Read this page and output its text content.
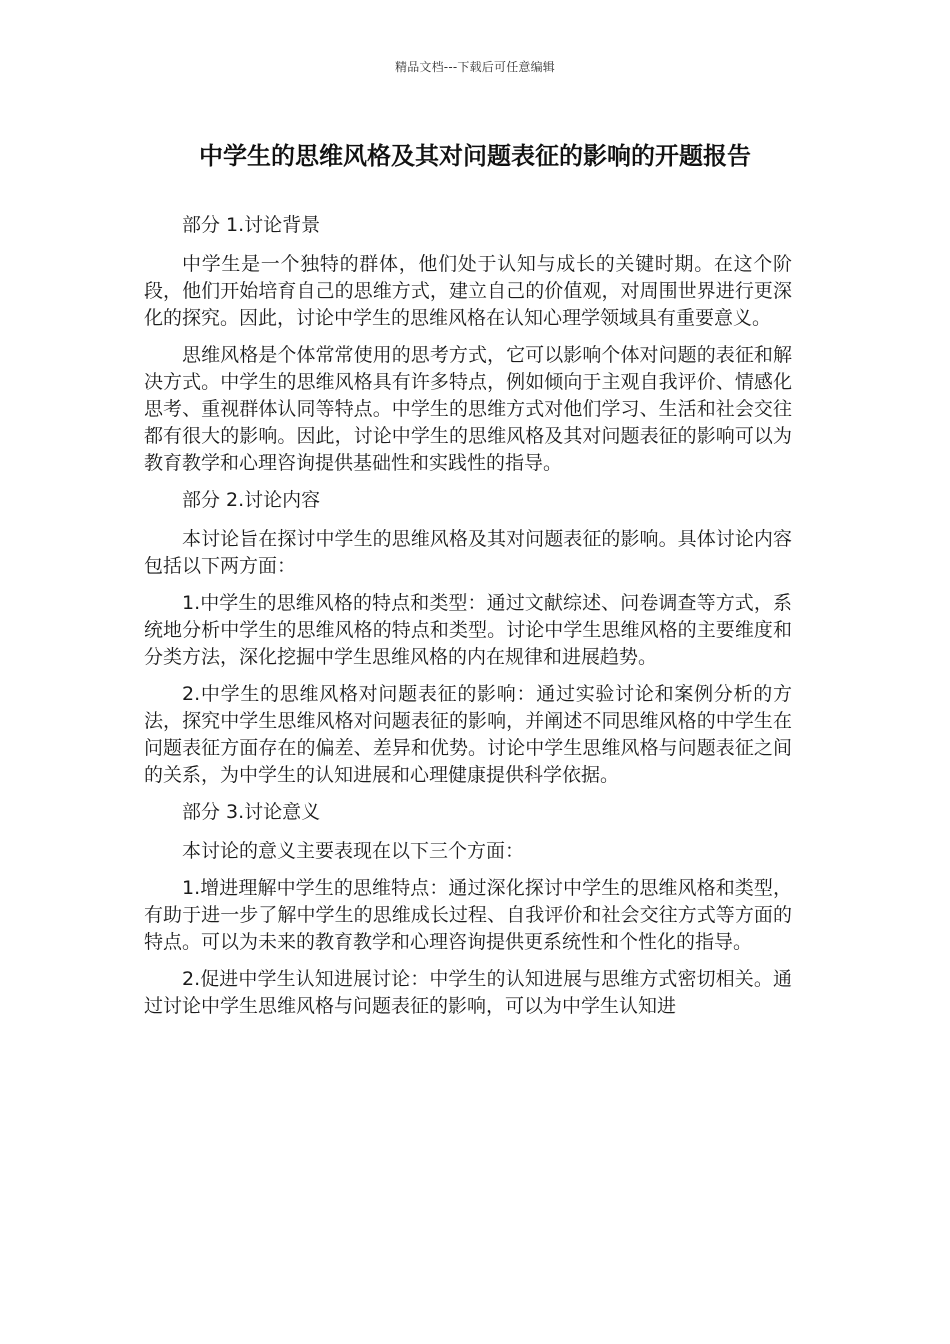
精品文档---下载后可任意编辑
中学生的思维风格及其对问题表征的影响的开题报告

部分 1.讨论背景

中学生是一个独特的群体，他们处于认知与成长的关键时期。在这个阶段，他们开始培育自己的思维方式，建立自己的价值观，对周围世界进行更深化的探究。因此，讨论中学生的思维风格在认知心理学领域具有重要意义。

思维风格是个体常常使用的思考方式，它可以影响个体对问题的表征和解决方式。中学生的思维风格具有许多特点，例如倾向于主观自我评价、情感化思考、重视群体认同等特点。中学生的思维方式对他们学习、生活和社会交往都有很大的影响。因此，讨论中学生的思维风格及其对问题表征的影响可以为教育教学和心理咨询提供基础性和实践性的指导。

部分 2.讨论内容

本讨论旨在探讨中学生的思维风格及其对问题表征的影响。具体讨论内容包括以下两方面：

1.中学生的思维风格的特点和类型：通过文献综述、问卷调查等方式，系统地分析中学生的思维风格的特点和类型。讨论中学生思维风格的主要维度和分类方法，深化挖掘中学生思维风格的内在规律和进展趋势。

2.中学生的思维风格对问题表征的影响：通过实验讨论和案例分析的方法，探究中学生思维风格对问题表征的影响，并阐述不同思维风格的中学生在问题表征方面存在的偏差、差异和优势。讨论中学生思维风格与问题表征之间的关系，为中学生的认知进展和心理健康提供科学依据。

部分 3.讨论意义

本讨论的意义主要表现在以下三个方面：

1.增进理解中学生的思维特点：通过深化探讨中学生的思维风格和类型，有助于进一步了解中学生的思维成长过程、自我评价和社会交往方式等方面的特点。可以为未来的教育教学和心理咨询提供更系统性和个性化的指导。

2.促进中学生认知进展讨论：中学生的认知进展与思维方式密切相关。通过讨论中学生思维风格与问题表征的影响，可以为中学生认知进
